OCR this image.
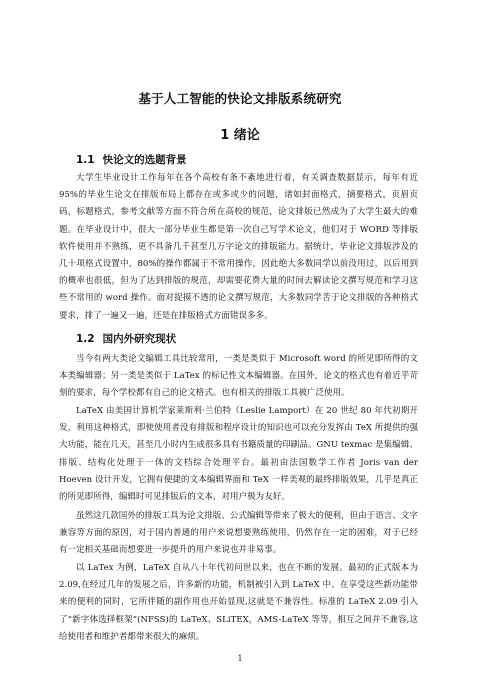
基于人工智能的快论文排版系统研究
1 绪论
1.1 快论文的选题背景

大学生毕业设计工作每年在各个高校有条不紊地进行着，有关调查数据显示，每年有近 95%的毕业生论文在排版布局上都存在或多或少的问题，诸如封面格式，摘要格式，页眉页码，标题格式，参考文献等方面不符合所在高校的规范，论文排版已然成为了大学生最大的难题。在毕业设计中，很大一部分毕业生都是第一次自己写学术论文，他们对于 WORD 等排版软件使用并不熟练，更不具备几千甚至几万字论文的排版能力。据统计，毕业论文排版涉及的几十项格式设置中，80%的操作都属于不常用操作，因此绝大多数同学以前没用过，以后用到的概率也很低，但为了达到排版的规范，却需要花费大量的时间去解读论文撰写规范和学习这些不常用的 word 操作。面对捉摸不透的论文撰写规范，大多数同学苦于论文排版的各种格式要求，排了一遍又一遍，还是在排版格式方面错误多多。

1.2 国内外研究现状

当今有两大类论文编辑工具比较常用，一类是类似于 Microsoft word 的所见即所得的文本类编辑器；另一类是类似于 LaTex 的标记性文本编辑器。在国外，论文的格式也有着近乎苛刻的要求，每个学校都有自己的论文格式。也有相关的排版工具被广泛使用。

LaTeX 由美国计算机学家莱斯利·兰伯特（Leslie Lamport）在 20 世纪 80 年代初期开发，利用这种格式，即使使用者没有排版和程序设计的知识也可以充分发挥由 TeX 所提供的强大功能，能在几天，甚至几小时内生成很多具有书籍质量的印刷品。GNU texmac 是集编辑、排版、结构化处理于一体的文档综合处理平台。最初由法国数学工作者 Joris van der Hoeven 设计开发，它拥有便捷的文本编辑界面和 TeX 一样美观的最终排版效果，几乎是真正的所见即所得，编辑时可见排版后的文本，对用户极为友好。

虽然这几款国外的排版工具为论文排版、公式编辑等带来了极大的便利，但由于语言、文字兼容等方面的原因，对于国内普通的用户来说想要熟练使用，仍然存在一定的困难，对于已经有一定相关基础而想要进一步提升的用户来说也并非易事。

以 LaTex 为例，LaTeX 自从八十年代初问世以来，也在不断的发展。最初的正式版本为 2.09,在经过几年的发展之后，许多新的功能，机制被引入到 LaTeX 中。在享受这些新功能带来的便利的同时，它所伴随的副作用也开始显现,这就是不兼容性。标准的 LaTeX 2.09 引入了“新字体选择框架”(NFSS)的 LaTeX、SLiTEX，AMS-LaTeX 等等，相互之间并不兼容,这给使用者和维护者都带来很大的麻烦。

1
